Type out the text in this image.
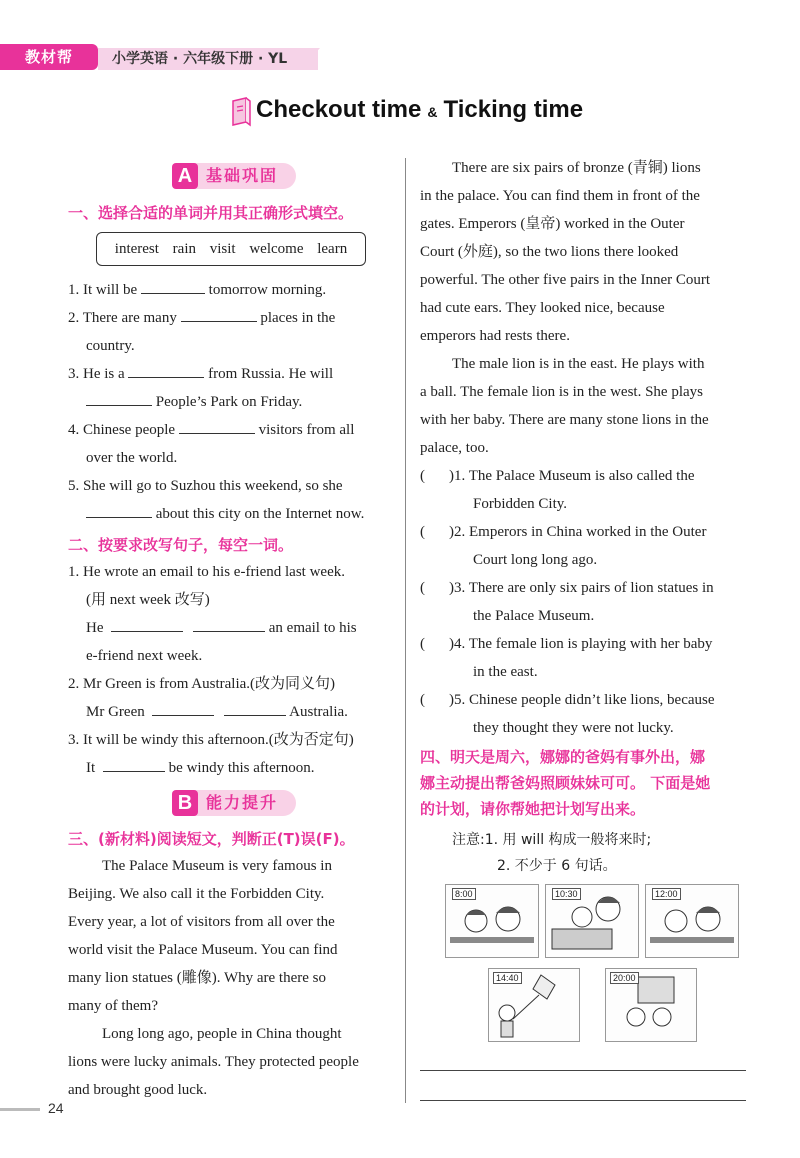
教材帮	小学英语 · 六年级下册 · YL
Checkout time & Ticking time
A 基础巩固
一、选择合适的单词并用其正确形式填空。
interest rain visit welcome learn
1. It will be	tomorrow morning.
2. There are many	places in the
country.
3. He is a	from Russia. He will
People’s Park on Friday.
4. Chinese people	visitors from all
over the world.
5. She will go to Suzhou this weekend, so she
about this city on the Internet now.
二、按要求改写句子，每空一词。
1. He wrote an email to his e-friend last week.
(用 next week 改写)
He	an email to his
e-friend next week.
2. Mr Green is from Australia.(改为同义句)
Mr Green	Australia.
3. It will be windy this afternoon.(改为否定句)
It	be windy this afternoon.
B 能力提升
三、(新材料)阅读短文，判断正(T)误(F)。
The Palace Museum is very famous in
Beijing. We also call it the Forbidden City.
Every year, a lot of visitors from all over the
world visit the Palace Museum. You can find
many lion statues (雕像). Why are there so
many of them?
Long long ago, people in China thought
lions were lucky animals. They protected people
and brought good luck.
There are six pairs of bronze (青铜) lions
in the palace. You can find them in front of the
gates. Emperors (皇帝) worked in the Outer
Court (外庭), so the two lions there looked
powerful. The other five pairs in the Inner Court
had cute ears. They looked nice, because
emperors had rests there.
The male lion is in the east. He plays with
a ball. The female lion is in the west. She plays
with her baby. There are many stone lions in the
palace, too.
( )1. The Palace Museum is also called the
Forbidden City.
( )2. Emperors in China worked in the Outer
Court long long ago.
( )3. There are only six pairs of lion statues in
the Palace Museum.
( )4. The female lion is playing with her baby
in the east.
( )5. Chinese people didn’t like lions, because
they thought they were not lucky.
四、明天是周六，娜娜的爸妈有事外出，娜
娜主动提出帮爸妈照顾妹妹可可。 下面是她
的计划，请你帮她把计划写出来。
注意:1. 用 will 构成一般将来时;
2. 不少于 6 句话。
8:00	10:30	12:00
14:40	20:00
24
